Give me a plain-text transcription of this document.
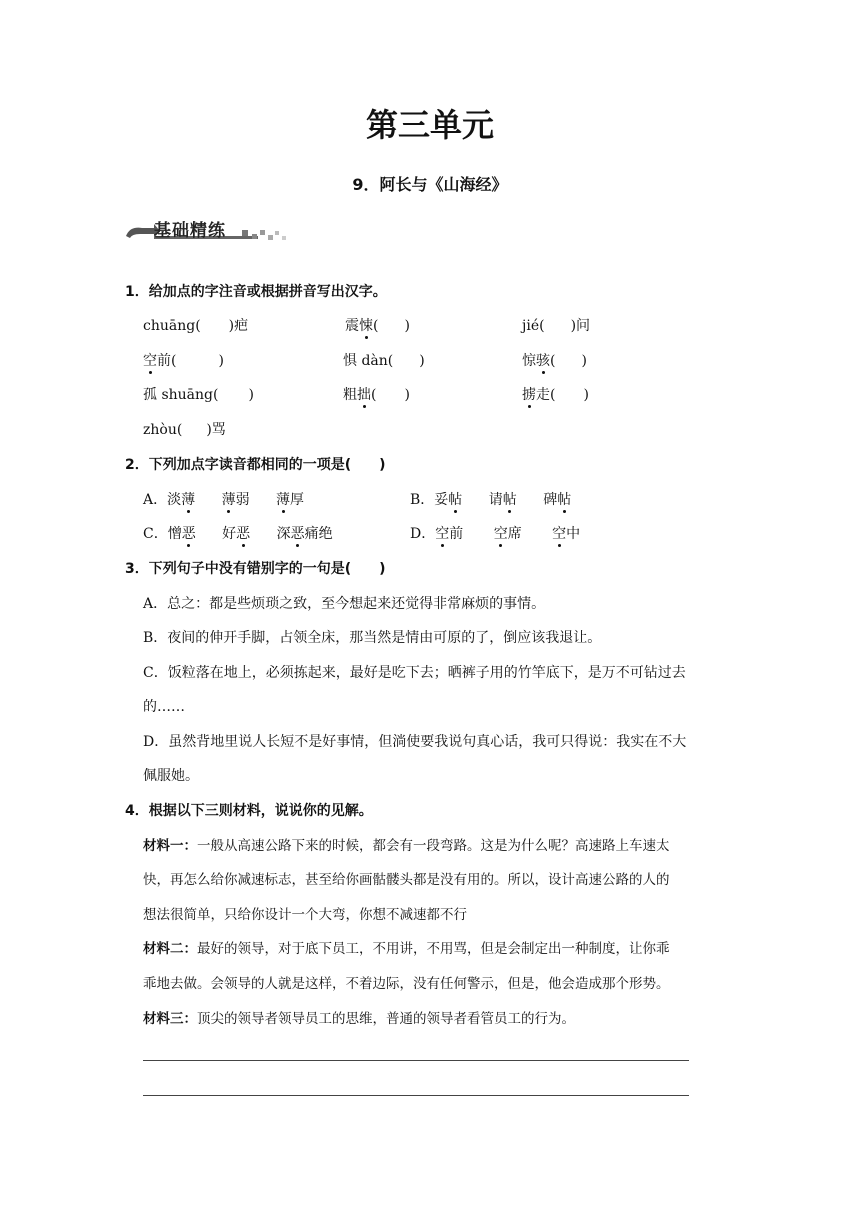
第三单元
9．阿长与《山海经》
基础精练
1．给加点的字注音或根据拼音写出汉字。
chuāng( )疤	震悚( )	jié( )问
空前(	)	惧 dàn( )	惊骇( )
孤 shuāng( )	粗拙( )	掳走( )
zhòu( )骂
2．下列加点字读音都相同的一项是(　　)
A．淡薄 薄弱 薄厚	B．妥帖 请帖 碑帖
C．憎恶 好恶 深恶痛绝	D．空前 空席 空中
3．下列句子中没有错别字的一句是(　　)
A．总之：都是些烦琐之致，至今想起来还觉得非常麻烦的事情。
B．夜间的伸开手脚，占领全床，那当然是情由可原的了，倒应该我退让。
C．饭粒落在地上，必须拣起来，最好是吃下去；晒裤子用的竹竿底下，是万不可钻过去
的……
D．虽然背地里说人长短不是好事情，但淌使要我说句真心话，我可只得说：我实在不大
佩服她。
4．根据以下三则材料，说说你的见解。
材料一：一般从高速公路下来的时候，都会有一段弯路。这是为什么呢？高速路上车速太
快，再怎么给你减速标志，甚至给你画骷髅头都是没有用的。所以，设计高速公路的人的
想法很简单，只给你设计一个大弯，你想不减速都不行
材料二：最好的领导，对于底下员工，不用讲，不用骂，但是会制定出一种制度，让你乖
乖地去做。会领导的人就是这样，不着边际，没有任何警示，但是，他会造成那个形势。
材料三：顶尖的领导者领导员工的思维，普通的领导者看管员工的行为。
